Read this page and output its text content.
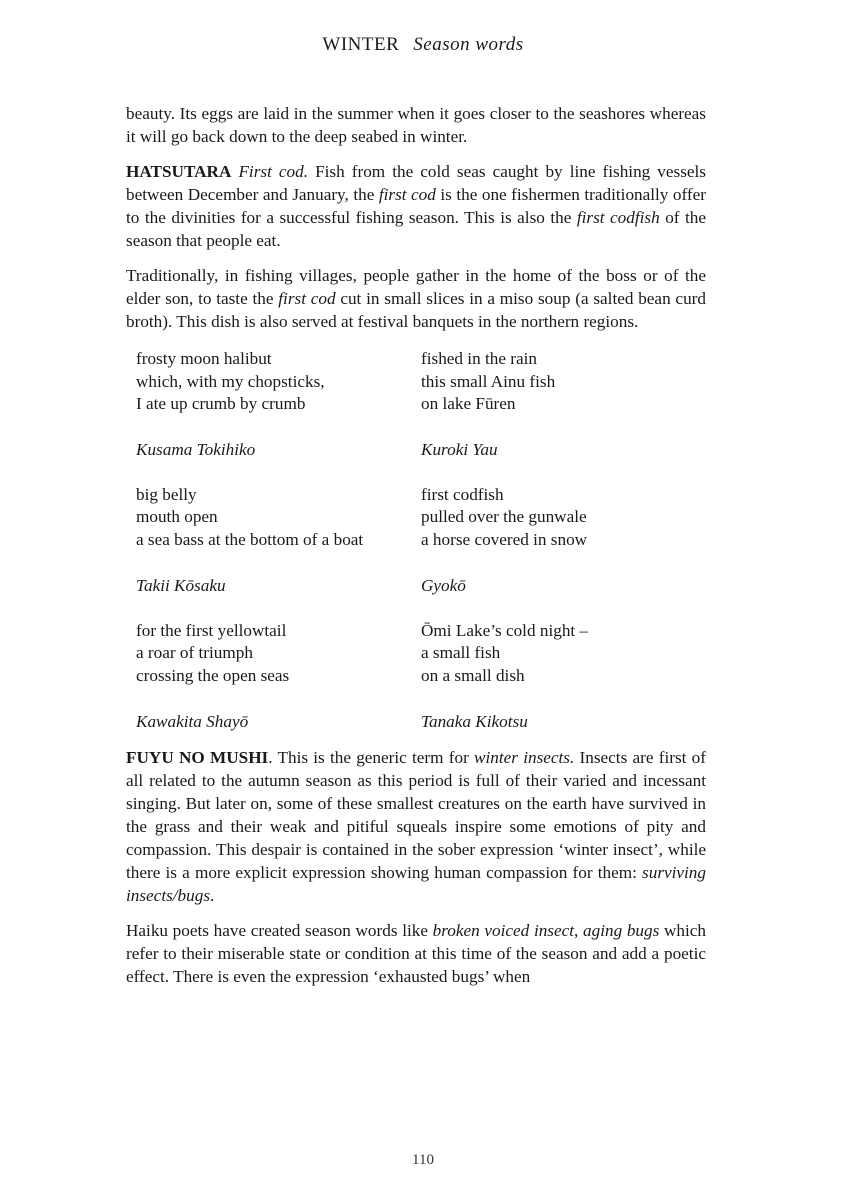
WINTER Season words

beauty. Its eggs are laid in the summer when it goes closer to the seashores whereas it will go back down to the deep seabed in winter.

HATSUTARA First cod. Fish from the cold seas caught by line fishing vessels between December and January, the first cod is the one fishermen traditionally offer to the divinities for a successful fishing season. This is also the first codfish of the season that people eat.

Traditionally, in fishing villages, people gather in the home of the boss or of the elder son, to taste the first cod cut in small slices in a miso soup (a salted bean curd broth). This dish is also served at festival banquets in the northern regions.

frosty moon halibut
which, with my chopsticks,
I ate up crumb by crumb
Kusama Tokihiko
fished in the rain
this small Ainu fish
on lake Fūren
Kuroki Yau
big belly
mouth open
a sea bass at the bottom of a boat
Takii Kōsaku
first codfish
pulled over the gunwale
a horse covered in snow
Gyokō
for the first yellowtail
a roar of triumph
crossing the open seas
Kawakita Shayō
Ōmi Lake’s cold night –
a small fish
on a small dish
Tanaka Kikotsu

FUYU NO MUSHI. This is the generic term for winter insects. Insects are first of all related to the autumn season as this period is full of their varied and incessant singing. But later on, some of these smallest creatures on the earth have survived in the grass and their weak and pitiful squeals inspire some emotions of pity and compassion. This despair is contained in the sober expression ‘winter insect’, while there is a more explicit expression showing human compassion for them: surviving insects/bugs.

Haiku poets have created season words like broken voiced insect, aging bugs which refer to their miserable state or condition at this time of the season and add a poetic effect. There is even the expression ‘exhausted bugs’ when

110
